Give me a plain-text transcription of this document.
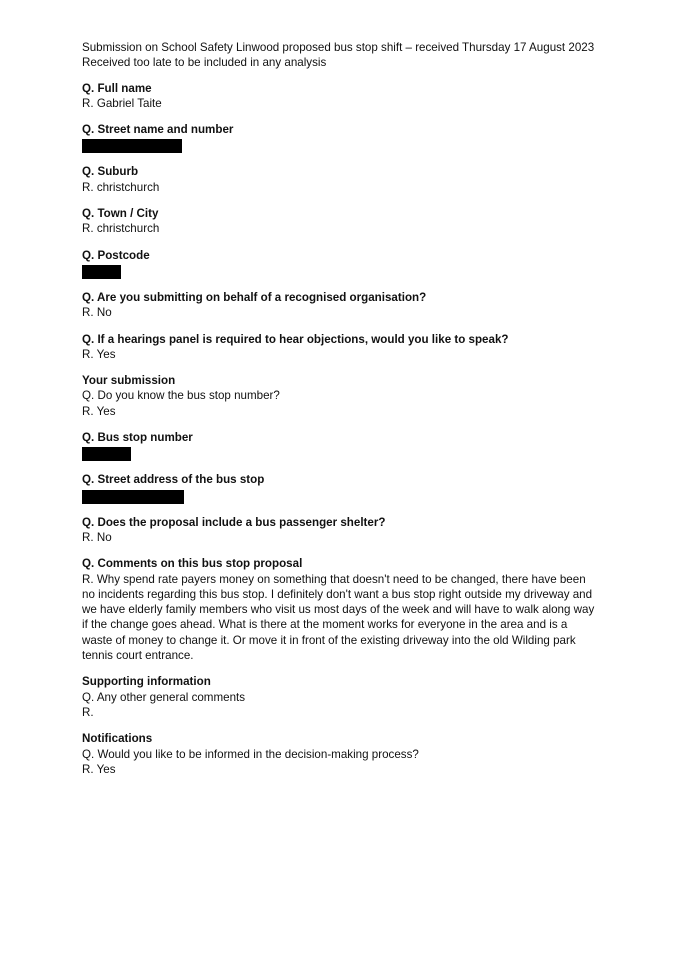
Submission on School Safety Linwood proposed bus stop shift – received Thursday 17 August 2023
Received too late to be included in any analysis
Q. Full name
R. Gabriel Taite
Q. Street name and number
Q. Suburb
R. christchurch
Q. Town / City
R. christchurch
Q. Postcode
Q. Are you submitting on behalf of a recognised organisation?
R. No
Q. If a hearings panel is required to hear objections, would you like to speak?
R. Yes
Your submission
Q. Do you know the bus stop number?
R. Yes
Q. Bus stop number
Q. Street address of the bus stop
Q. Does the proposal include a bus passenger shelter?
R. No
Q. Comments on this bus stop proposal
R. Why spend rate payers money on something that doesn't need to be changed, there have been no incidents regarding this bus stop. I definitely don't want a bus stop right outside my driveway and we have elderly family members who visit us most days of the week and will have to walk along way if the change goes ahead. What is there at the moment works for everyone in the area and is a waste of money to change it. Or move it in front of the existing driveway into the old Wilding park tennis court entrance.
Supporting information
Q. Any other general comments
R.
Notifications
Q. Would you like to be informed in the decision-making process?
R. Yes
